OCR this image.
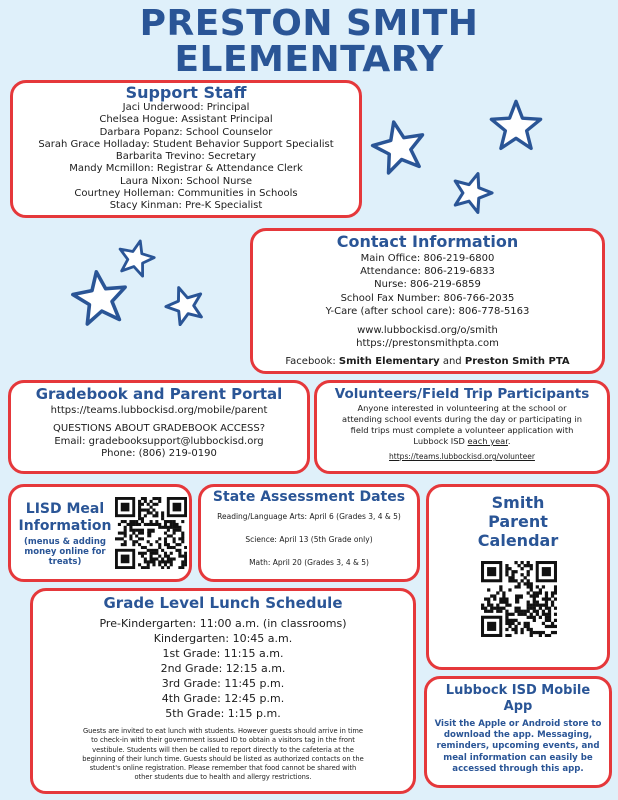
PRESTON SMITH
ELEMENTARY
Support Staff
Jaci Underwood: Principal
Chelsea Hogue: Assistant Principal
Darbara Popanz: School Counselor
Sarah Grace Holladay: Student Behavior Support Specialist
Barbarita Trevino: Secretary
Mandy Mcmillon: Registrar & Attendance Clerk
Laura Nixon: School Nurse
Courtney Holleman: Communities in Schools
Stacy Kinman: Pre-K Specialist
Contact Information
Main Office: 806-219-6800
Attendance: 806-219-6833
Nurse: 806-219-6859
School Fax Number: 806-766-2035
Y-Care (after school care): 806-778-5163
www.lubbockisd.org/o/smith
https://prestonsmithpta.com
Facebook: Smith Elementary and Preston Smith PTA
Gradebook and Parent Portal
https://teams.lubbockisd.org/mobile/parent
QUESTIONS ABOUT GRADEBOOK ACCESS?
Email: gradebooksupport@lubbockisd.org
Phone: (806) 219-0190
Volunteers/Field Trip Participants
Anyone interested in volunteering at the school or
attending school events during the day or participating in
field trips must complete a volunteer application with
Lubbock ISD each year.
https://teams.lubbockisd.org/volunteer
LISD Meal
Information
(menus & adding
money online for
treats)
State Assessment Dates
Reading/Language Arts: April 6 (Grades 3, 4 & 5)
Science: April 13 (5th Grade only)
Math: April 20 (Grades 3, 4 & 5)
Smith
Parent
Calendar
Grade Level Lunch Schedule
Pre-Kindergarten: 11:00 a.m. (in classrooms)
Kindergarten: 10:45 a.m.
1st Grade: 11:15 a.m.
2nd Grade: 12:15 a.m.
3rd Grade: 11:45 p.m.
4th Grade: 12:45 p.m.
5th Grade: 1:15 p.m.
Guests are invited to eat lunch with students. However guests should arrive in time
to check-in with their government issued ID to obtain a visitors tag in the front
vestibule. Students will then be called to report directly to the cafeteria at the
beginning of their lunch time. Guests should be listed as authorized contacts on the
student's online registration. Please remember that food cannot be shared with
other students due to health and allergy restrictions.
Lubbock ISD Mobile
App
Visit the Apple or Android store to
download the app. Messaging,
reminders, upcoming events, and
meal information can easily be
accessed through this app.
